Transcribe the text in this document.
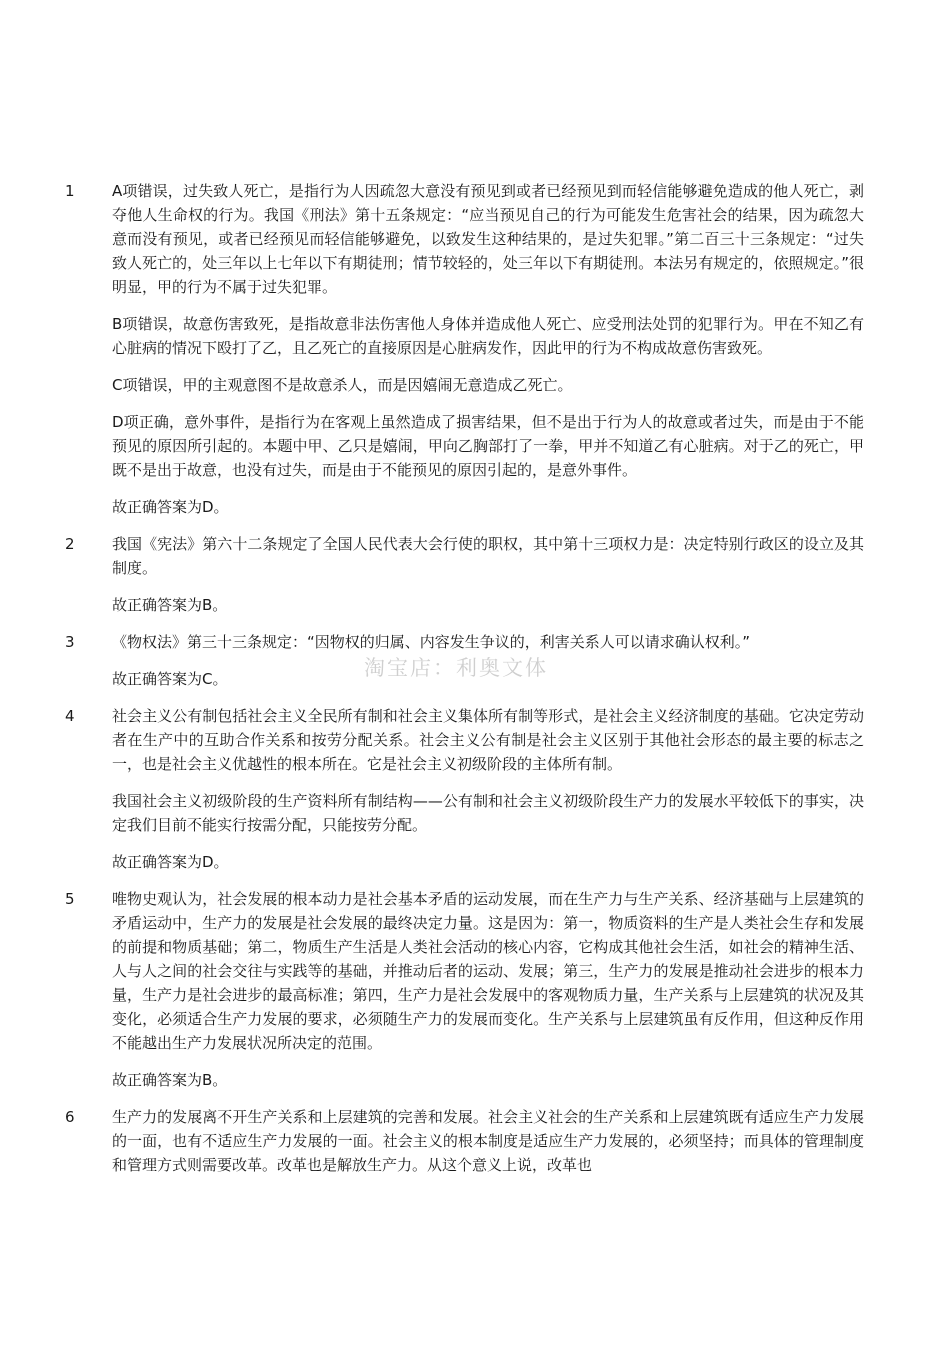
淘宝店：利奥文体
1	A项错误，过失致人死亡，是指行为人因疏忽大意没有预见到或者已经预见到而轻信能够避免造成的他人死亡，剥夺他人生命权的行为。我国《刑法》第十五条规定：“应当预见自己的行为可能发生危害社会的结果，因为疏忽大意而没有预见，或者已经预见而轻信能够避免，以致发生这种结果的，是过失犯罪。”第二百三十三条规定：“过失致人死亡的，处三年以上七年以下有期徒刑；情节较轻的，处三年以下有期徒刑。本法另有规定的，依照规定。”很明显，甲的行为不属于过失犯罪。

B项错误，故意伤害致死，是指故意非法伤害他人身体并造成他人死亡、应受刑法处罚的犯罪行为。甲在不知乙有心脏病的情况下殴打了乙，且乙死亡的直接原因是心脏病发作，因此甲的行为不构成故意伤害致死。

C项错误，甲的主观意图不是故意杀人，而是因嬉闹无意造成乙死亡。

D项正确，意外事件，是指行为在客观上虽然造成了损害结果，但不是出于行为人的故意或者过失，而是由于不能预见的原因所引起的。本题中甲、乙只是嬉闹，甲向乙胸部打了一拳，甲并不知道乙有心脏病。对于乙的死亡，甲既不是出于故意，也没有过失，而是由于不能预见的原因引起的，是意外事件。

故正确答案为D。

2	我国《宪法》第六十二条规定了全国人民代表大会行使的职权，其中第十三项权力是：决定特别行政区的设立及其制度。

故正确答案为B。

3	《物权法》第三十三条规定：“因物权的归属、内容发生争议的，利害关系人可以请求确认权利。”

故正确答案为C。

4	社会主义公有制包括社会主义全民所有制和社会主义集体所有制等形式，是社会主义经济制度的基础。它决定劳动者在生产中的互助合作关系和按劳分配关系。社会主义公有制是社会主义区别于其他社会形态的最主要的标志之一，也是社会主义优越性的根本所在。它是社会主义初级阶段的主体所有制。

我国社会主义初级阶段的生产资料所有制结构——公有制和社会主义初级阶段生产力的发展水平较低下的事实，决定我们目前不能实行按需分配，只能按劳分配。

故正确答案为D。

5	唯物史观认为，社会发展的根本动力是社会基本矛盾的运动发展，而在生产力与生产关系、经济基础与上层建筑的矛盾运动中，生产力的发展是社会发展的最终决定力量。这是因为：第一，物质资料的生产是人类社会生存和发展的前提和物质基础；第二，物质生产生活是人类社会活动的核心内容，它构成其他社会生活，如社会的精神生活、人与人之间的社会交往与实践等的基础，并推动后者的运动、发展；第三，生产力的发展是推动社会进步的根本力量，生产力是社会进步的最高标准；第四，生产力是社会发展中的客观物质力量，生产关系与上层建筑的状况及其变化，必须适合生产力发展的要求，必须随生产力的发展而变化。生产关系与上层建筑虽有反作用，但这种反作用不能越出生产力发展状况所决定的范围。

故正确答案为B。

6	生产力的发展离不开生产关系和上层建筑的完善和发展。社会主义社会的生产关系和上层建筑既有适应生产力发展的一面，也有不适应生产力发展的一面。社会主义的根本制度是适应生产力发展的，必须坚持；而具体的管理制度和管理方式则需要改革。改革也是解放生产力。从这个意义上说，改革也
